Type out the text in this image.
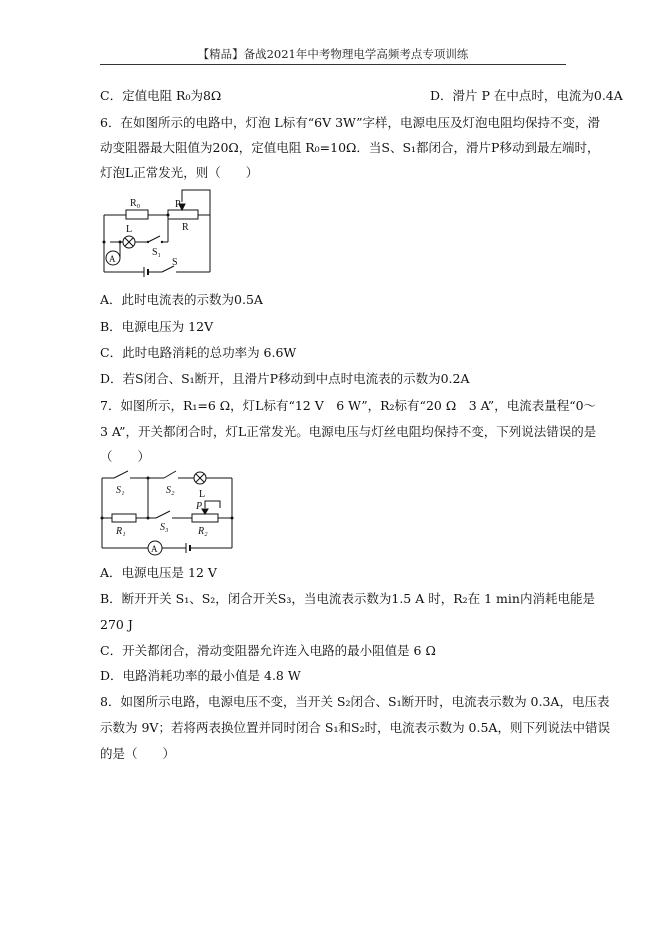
【精品】备战2021年中考物理电学高频考点专项训练
C．定值电阻 R₀为8Ω	D．滑片 P 在中点时，电流为0.4A
6．在如图所示的电路中，灯泡 L标有“6V 3W”字样，电源电压及灯泡电阻均保持不变，滑
动变阻器最大阻值为20Ω，定值电阻 R₀=10Ω．当S、S₁都闭合，滑片P移动到最左端时，
灯泡L正常发光，则（　　）
R₀	P
R
L
S₁
S
A
A．此时电流表的示数为0.5A
B．电源电压为 12V
C．此时电路消耗的总功率为 6.6W
D．若S闭合、S₁断开，且滑片P移动到中点时电流表的示数为0.2A
7．如图所示，R₁=6 Ω，灯L标有“12 V　6 W”，R₂标有“20 Ω　3 A”，电流表量程“0～
3 A”，开关都闭合时，灯L正常发光。电源电压与灯丝电阻均保持不变，下列说法错误的是
（　　）
S₁	S₂ L
R₁	S₃
P
R₂
A
A．电源电压是 12 V
B．断开开关 S₁、S₂，闭合开关S₃，当电流表示数为1.5 A 时，R₂在 1 min内消耗电能是
270 J
C．开关都闭合，滑动变阻器允许连入电路的最小阻值是 6 Ω
D．电路消耗功率的最小值是 4.8 W
8．如图所示电路，电源电压不变，当开关 S₂闭合、S₁断开时，电流表示数为 0.3A，电压表
示数为 9V；若将两表换位置并同时闭合 S₁和S₂时，电流表示数为 0.5A，则下列说法中错误
的是（　　）
